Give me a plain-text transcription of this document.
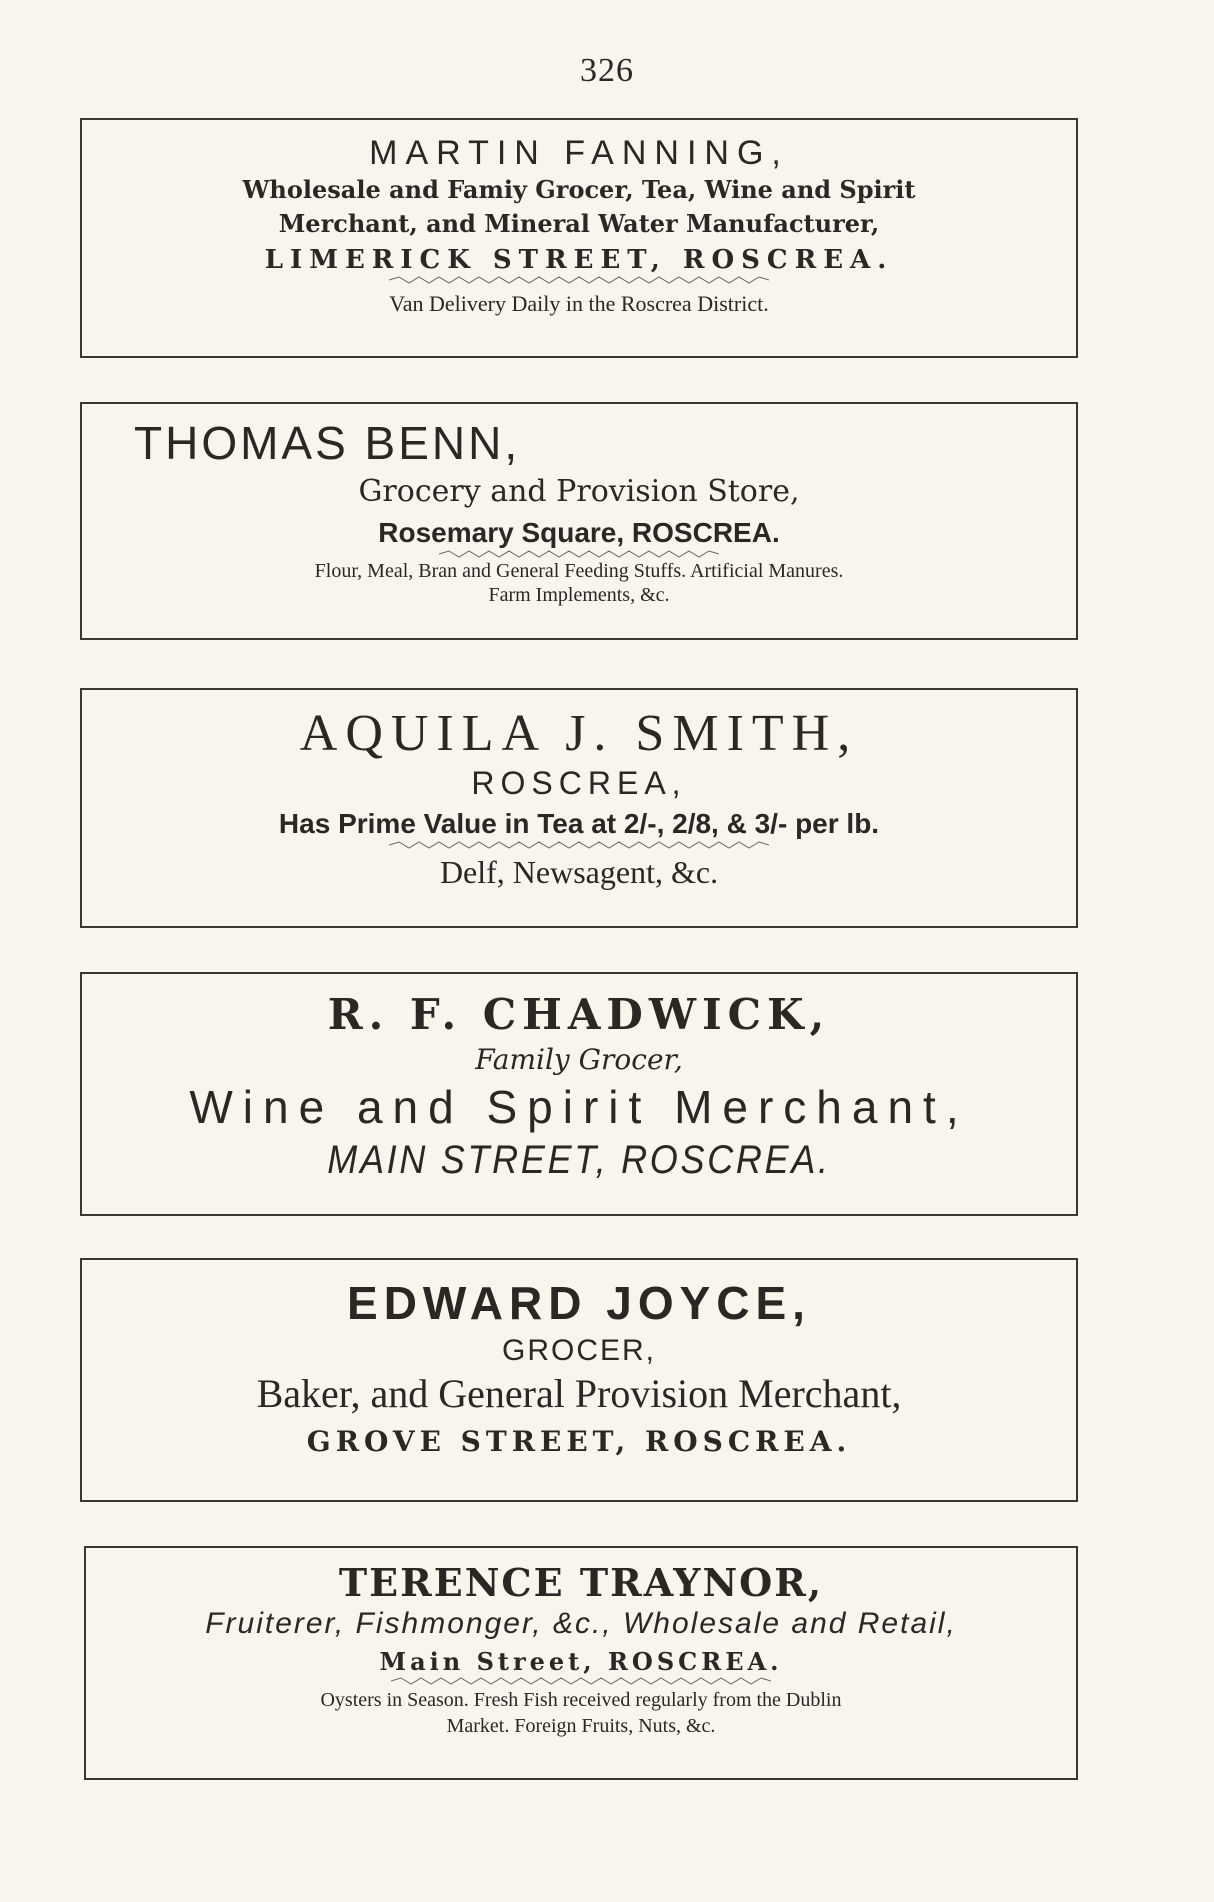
326
MARTIN FANNING,
Wholesale and Famiy Grocer, Tea, Wine and Spirit
Merchant, and Mineral Water Manufacturer,
LIMERICK STREET, ROSCREA.
Van Delivery Daily in the Roscrea District.
THOMAS BENN,
Grocery and Provision Store,
Rosemary Square, ROSCREA.
Flour, Meal, Bran and General Feeding Stuffs. Artificial Manures.
Farm Implements, &c.
AQUILA J. SMITH,
ROSCREA,
Has Prime Value in Tea at 2/-, 2/8, & 3/- per lb.
Delf, Newsagent, &c.
R. F. CHADWICK,
Family Grocer,
Wine and Spirit Merchant,
MAIN STREET, ROSCREA.
EDWARD JOYCE,
GROCER,
Baker, and General Provision Merchant,
GROVE STREET, ROSCREA.
TERENCE TRAYNOR,
Fruiterer, Fishmonger, &c., Wholesale and Retail,
Main Street, ROSCREA.
Oysters in Season. Fresh Fish received regularly from the Dublin
Market. Foreign Fruits, Nuts, &c.
